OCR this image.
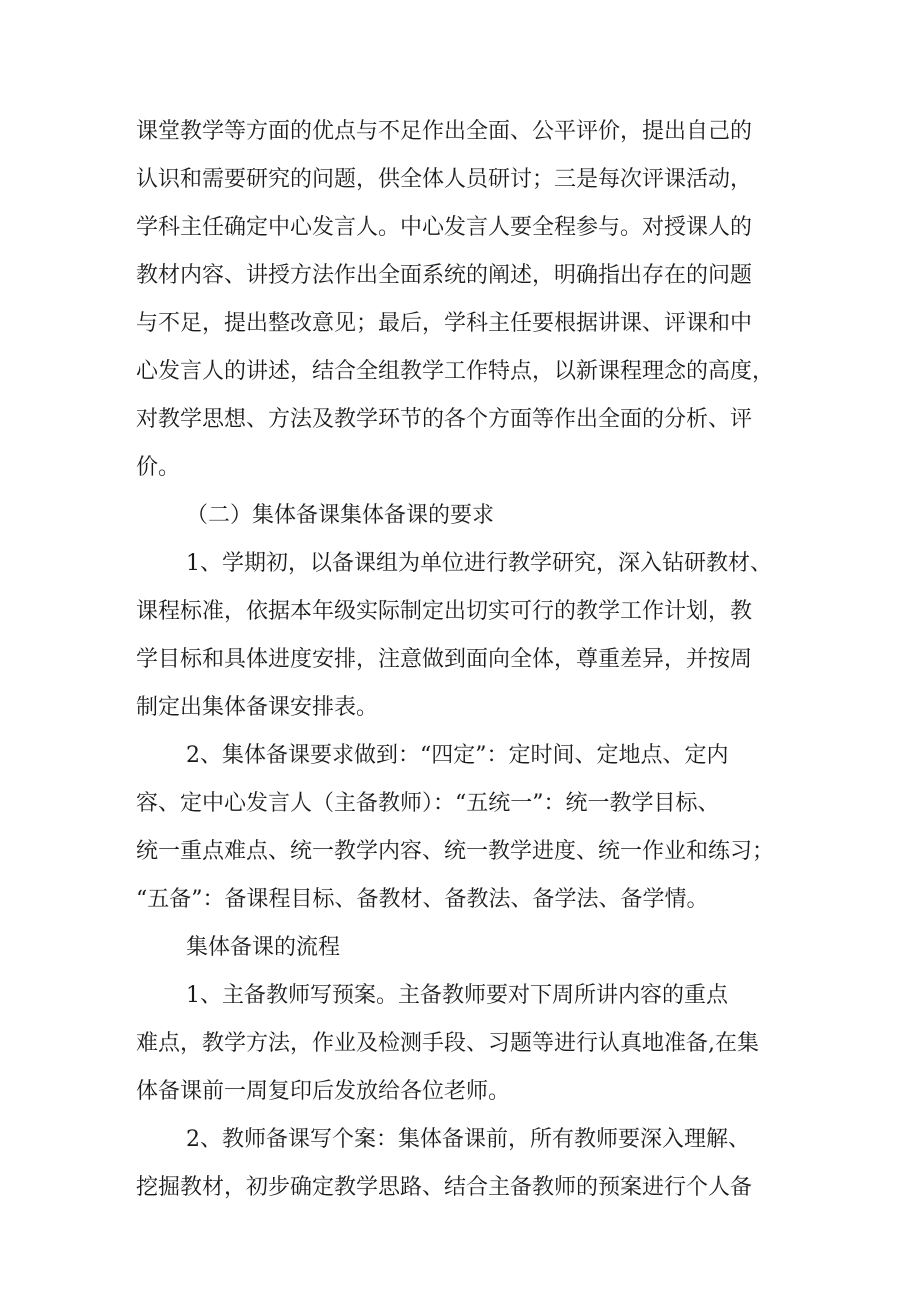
课堂教学等方面的优点与不足作出全面、公平评价，提出自己的
认识和需要研究的问题，供全体人员研讨；三是每次评课活动，
学科主任确定中心发言人。中心发言人要全程参与。对授课人的
教材内容、讲授方法作出全面系统的阐述，明确指出存在的问题
与不足，提出整改意见；最后，学科主任要根据讲课、评课和中
心发言人的讲述，结合全组教学工作特点，以新课程理念的高度，
对教学思想、方法及教学环节的各个方面等作出全面的分析、评
价。
（二）集体备课集体备课的要求
1、学期初，以备课组为单位进行教学研究，深入钻研教材、
课程标准，依据本年级实际制定出切实可行的教学工作计划，教
学目标和具体进度安排，注意做到面向全体，尊重差异，并按周
制定出集体备课安排表。
2、集体备课要求做到：“四定”：定时间、定地点、定内
容、定中心发言人（主备教师）：“五统一”：统一教学目标、
统一重点难点、统一教学内容、统一教学进度、统一作业和练习；
“五备”：备课程目标、备教材、备教法、备学法、备学情。
集体备课的流程
1、主备教师写预案。主备教师要对下周所讲内容的重点
难点，教学方法，作业及检测手段、习题等进行认真地准备,在集
体备课前一周复印后发放给各位老师。
2、教师备课写个案：集体备课前，所有教师要深入理解、
挖掘教材，初步确定教学思路、结合主备教师的预案进行个人备
